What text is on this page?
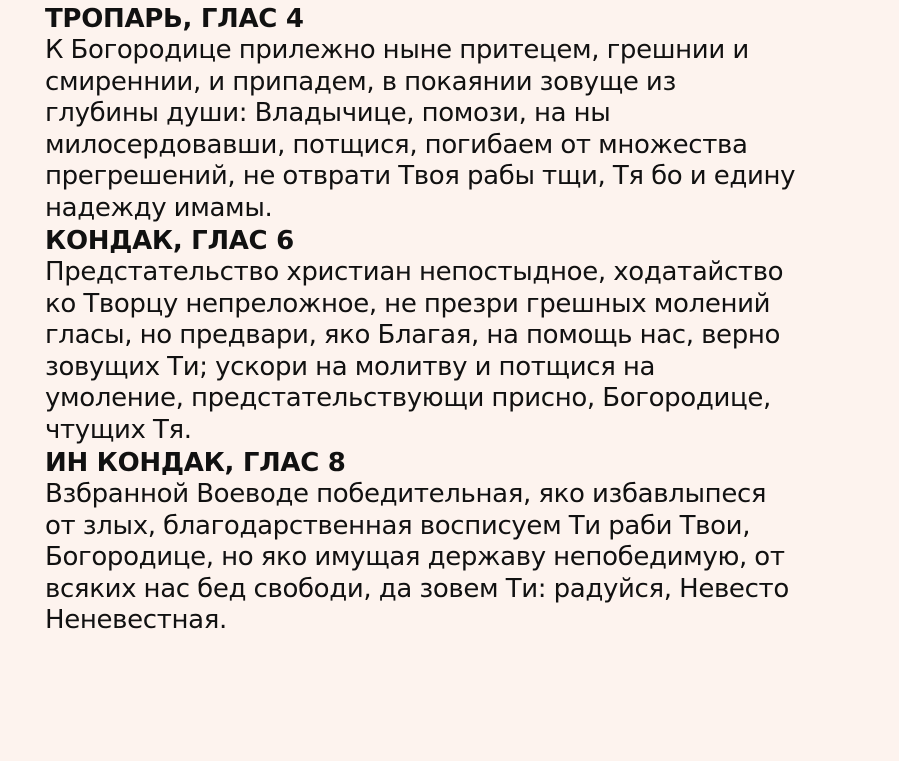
ТРОПАРЬ, ГЛАС 4

К Богородице прилежно ныне притецем, грешнии и
смиреннии, и припадем, в покаянии зовуще из
глубины души: Владычице, помози, на ны
милосердовавши, потщися, погибаем от множества
прегрешений, не отврати Твоя рабы тщи, Тя бо и едину
надежду имамы.

КОНДАК, ГЛАС 6

Предстательство христиан непостыдное, ходатайство
ко Творцу непреложное, не презри грешных молений
гласы, но предвари, яко Благая, на помощь нас, верно
зовущих Ти; ускори на молитву и потщися на
умоление, предстательствующи присно, Богородице,
чтущих Тя.

ИН КОНДАК, ГЛАС 8

Взбранной Воеводе победительная, яко избавлыпеся
от злых, благодарственная восписуем Ти раби Твои,
Богородице, но яко имущая державу непобедимую, от
всяких нас бед свободи, да зовем Ти: радуйся, Невесто
Неневестная.
